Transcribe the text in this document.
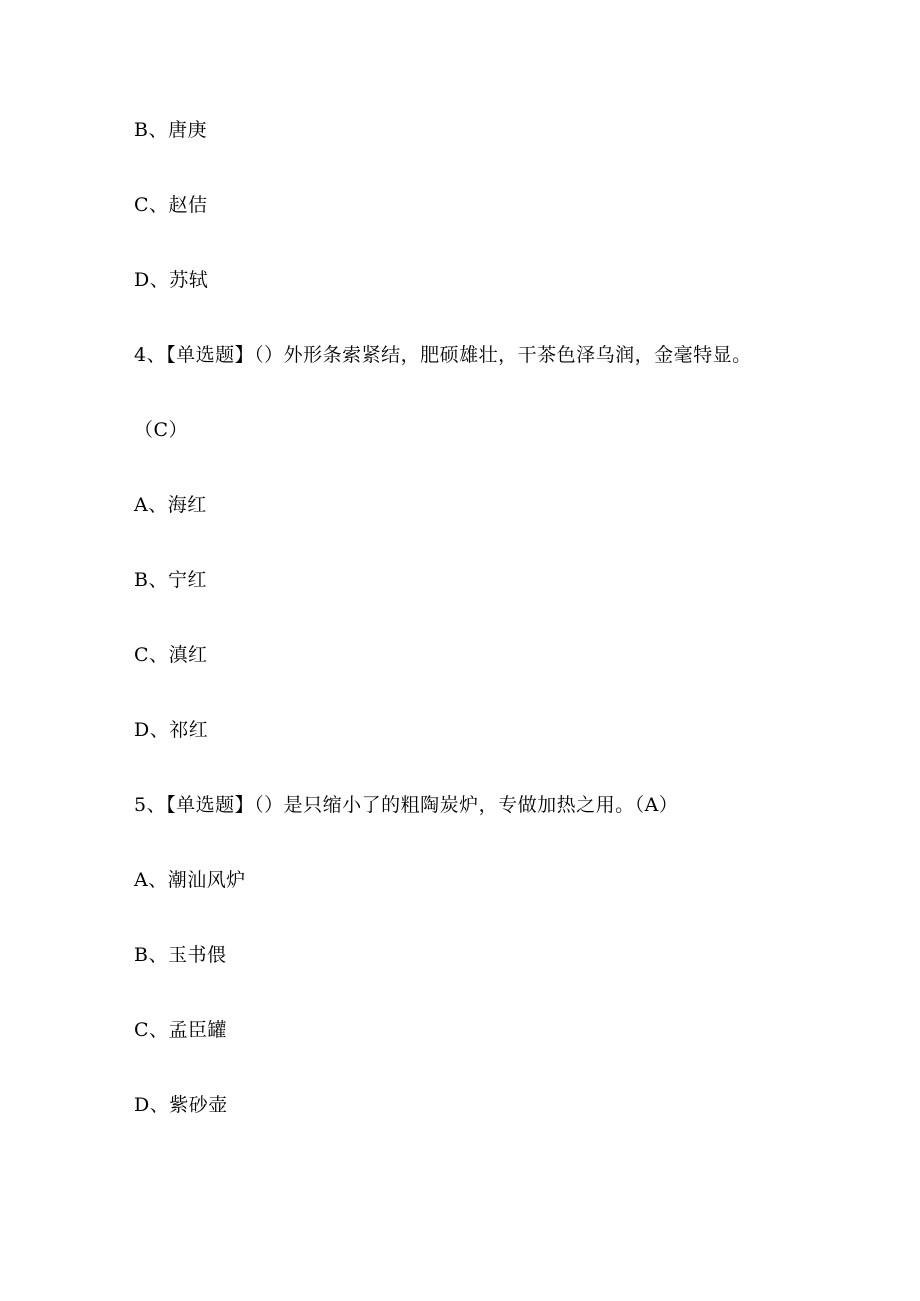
B、唐庚
C、赵佶
D、苏轼
4、【单选题】（）外形条索紧结，肥硕雄壮，干茶色泽乌润，金毫特显。
（C）
A、海红
B、宁红
C、滇红
D、祁红
5、【单选题】（）是只缩小了的粗陶炭炉，专做加热之用。（A）
A、潮汕风炉
B、玉书偎
C、孟臣罐
D、紫砂壶
